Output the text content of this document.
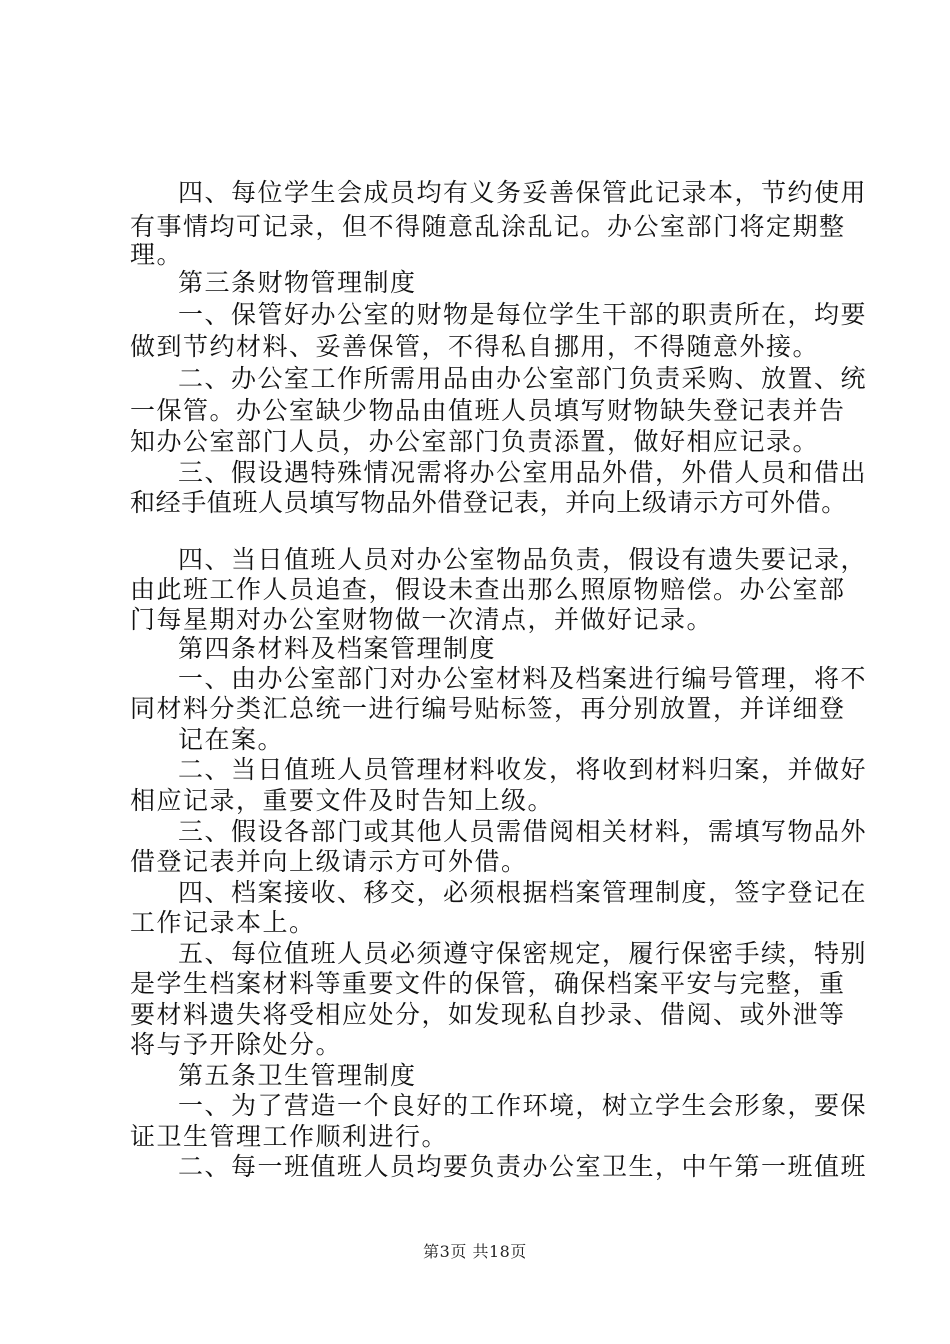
四、每位学生会成员均有义务妥善保管此记录本，节约使用
有事情均可记录，但不得随意乱涂乱记。办公室部门将定期整
理。
第三条财物管理制度
一、保管好办公室的财物是每位学生干部的职责所在，均要
做到节约材料、妥善保管，不得私自挪用，不得随意外接。
二、办公室工作所需用品由办公室部门负责采购、放置、统
一保管。办公室缺少物品由值班人员填写财物缺失登记表并告
知办公室部门人员，办公室部门负责添置，做好相应记录。
三、假设遇特殊情况需将办公室用品外借，外借人员和借出
和经手值班人员填写物品外借登记表，并向上级请示方可外借。
四、当日值班人员对办公室物品负责，假设有遗失要记录，
由此班工作人员追查，假设未查出那么照原物赔偿。办公室部
门每星期对办公室财物做一次清点，并做好记录。
第四条材料及档案管理制度
一、由办公室部门对办公室材料及档案进行编号管理，将不
同材料分类汇总统一进行编号贴标签，再分别放置，并详细登
记在案。
二、当日值班人员管理材料收发，将收到材料归案，并做好
相应记录，重要文件及时告知上级。
三、假设各部门或其他人员需借阅相关材料，需填写物品外
借登记表并向上级请示方可外借。
四、档案接收、移交，必须根据档案管理制度，签字登记在
工作记录本上。
五、每位值班人员必须遵守保密规定，履行保密手续，特别
是学生档案材料等重要文件的保管，确保档案平安与完整，重
要材料遗失将受相应处分，如发现私自抄录、借阅、或外泄等
将与予开除处分。
第五条卫生管理制度
一、为了营造一个良好的工作环境，树立学生会形象，要保
证卫生管理工作顺利进行。
二、每一班值班人员均要负责办公室卫生，中午第一班值班
第3页 共18页
